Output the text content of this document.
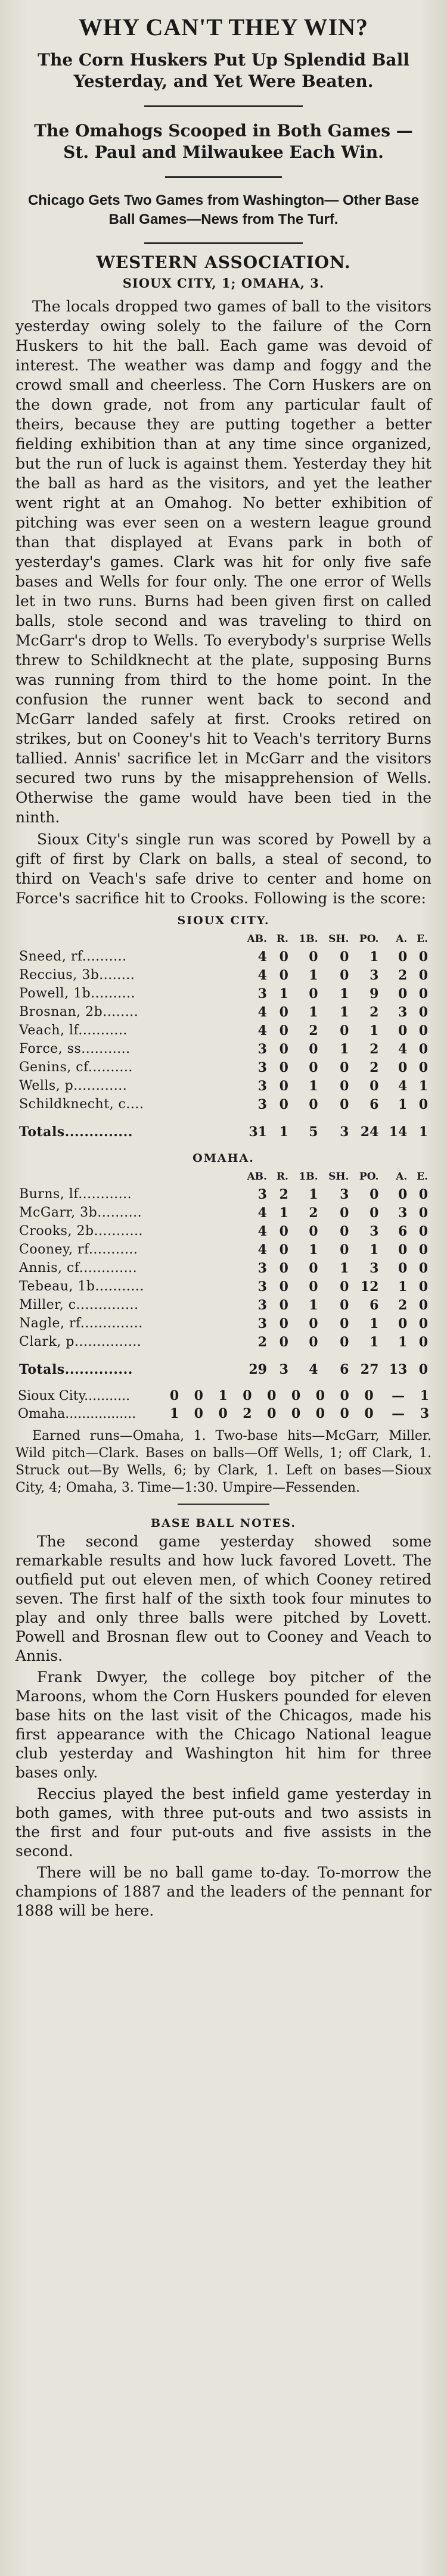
WHY CAN'T THEY WIN?
The Corn Huskers Put Up Splendid Ball Yesterday, and Yet Were Beaten.
The Omahogs Scooped in Both Games —St. Paul and Milwaukee Each Win.
Chicago Gets Two Games from Washington— Other Base Ball Games—News from The Turf.
WESTERN ASSOCIATION.
SIOUX CITY, 1; OMAHA, 3.

The locals dropped two games of ball to the visitors yesterday owing solely to the failure of the Corn Huskers to hit the ball. Each game was devoid of interest. The weather was damp and foggy and the crowd small and cheerless. The Corn Huskers are on the down grade, not from any particular fault of theirs, because they are putting together a better fielding exhibition than at any time since organized, but the run of luck is against them. Yesterday they hit the ball as hard as the visitors, and yet the leather went right at an Omahog. No better exhibition of pitching was ever seen on a western league ground than that displayed at Evans park in both of yesterday's games. Clark was hit for only five safe bases and Wells for four only. The one error of Wells let in two runs. Burns had been given first on called balls, stole second and was traveling to third on McGarr's drop to Wells. To everybody's surprise Wells threw to Schildknecht at the plate, supposing Burns was running from third to the home point. In the confusion the runner went back to second and McGarr landed safely at first. Crooks retired on strikes, but on Cooney's hit to Veach's territory Burns tallied. Annis' sacrifice let in McGarr and the visitors secured two runs by the misapprehension of Wells. Otherwise the game would have been tied in the ninth.

Sioux City's single run was scored by Powell by a gift of first by Clark on balls, a steal of second, to third on Veach's safe drive to center and home on Force's sacrifice hit to Crooks. Following is the score:

SIOUX CITY.
	AB.	R.	1B.	SH.	PO.	A.	E.
Sneed, rf..........	4	0	0	0	1	0	0
Reccius, 3b........	4	0	1	0	3	2	0
Powell, 1b..........	3	1	0	1	9	0	0
Brosnan, 2b........	4	0	1	1	2	3	0
Veach, lf...........	4	0	2	0	1	0	0
Force, ss...........	3	0	0	1	2	4	0
Genins, cf..........	3	0	0	0	2	0	0
Wells, p............	3	0	1	0	0	4	1
Schildknecht, c....	3	0	0	0	6	1	0
Totals..............	31	1	5	3	24	14	1
OMAHA.
	AB.	R.	1B.	SH.	PO.	A.	E.
Burns, lf............	3	2	1	3	0	0	0
McGarr, 3b..........	4	1	2	0	0	3	0
Crooks, 2b...........	4	0	0	0	3	6	0
Cooney, rf...........	4	0	1	0	1	0	0
Annis, cf.............	3	0	0	1	3	0	0
Tebeau, 1b...........	3	0	0	0	12	1	0
Miller, c..............	3	0	1	0	6	2	0
Nagle, rf..............	3	0	0	0	1	0	0
Clark, p...............	2	0	0	0	1	1	0
Totals..............	29	3	4	6	27	13	0
Sioux City...........	0	0	1	0	0	0	0	0	0	—	1
Omaha.................	1	0	0	2	0	0	0	0	0	—	3

Earned runs—Omaha, 1. Two-base hits—McGarr, Miller. Wild pitch—Clark. Bases on balls—Off Wells, 1; off Clark, 1. Struck out—By Wells, 6; by Clark, 1. Left on bases—Sioux City, 4; Omaha, 3. Time—1:30. Umpire—Fessenden.

BASE BALL NOTES.

The second game yesterday showed some remarkable results and how luck favored Lovett. The outfield put out eleven men, of which Cooney retired seven. The first half of the sixth took four minutes to play and only three balls were pitched by Lovett. Powell and Brosnan flew out to Cooney and Veach to Annis.

Frank Dwyer, the college boy pitcher of the Maroons, whom the Corn Huskers pounded for eleven base hits on the last visit of the Chicagos, made his first appearance with the Chicago National league club yesterday and Washington hit him for three bases only.

Reccius played the best infield game yesterday in both games, with three put-outs and two assists in the first and four put-outs and five assists in the second.

There will be no ball game to-day. To-morrow the champions of 1887 and the leaders of the pennant for 1888 will be here.
